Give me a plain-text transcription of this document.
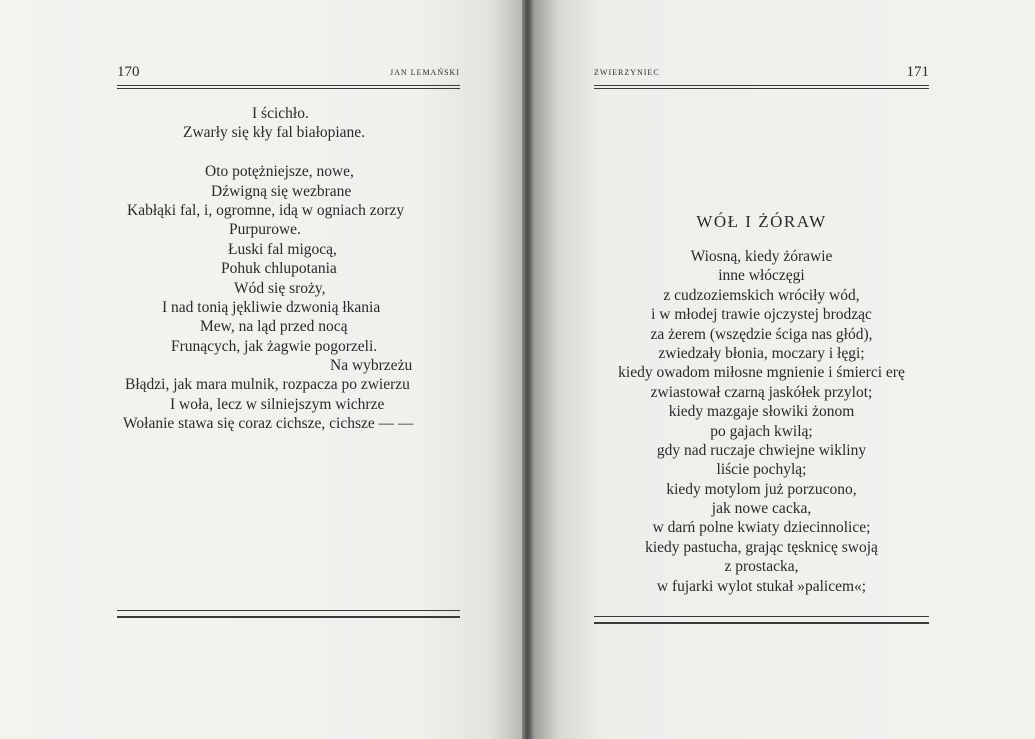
170	JAN LEMAŃSKI
I ścichło.
Zwarły się kły fal białopiane.
Oto potężniejsze, nowe,
Dźwigną się wezbrane
Kabłąki fal, i, ogromne, idą w ogniach zorzy
Purpurowe.
Łuski fal migocą,
Pohuk chlupotania
Wód się sroży,
I nad tonią jękliwie dzwonią łkania
Mew, na ląd przed nocą
Frunących, jak żagwie pogorzeli.
Na wybrzeżu
Błądzi, jak mara mulnik, rozpacza po zwierzu
I woła, lecz w silniejszym wichrze
Wołanie stawa się coraz cichsze, cichsze — —
ZWIERZYNIEC	171
WÓŁ I ŻÓRAW
Wiosną, kiedy żórawie
inne włóczęgi
z cudzoziemskich wróciły wód,
i w młodej trawie ojczystej brodząc
za żerem (wszędzie ściga nas głód),
zwiedzały błonia, moczary i łęgi;
kiedy owadom miłosne mgnienie i śmierci erę
zwiastował czarną jaskółek przylot;
kiedy mazgaje słowiki żonom
po gajach kwilą;
gdy nad ruczaje chwiejne wikliny
liście pochylą;
kiedy motylom już porzucono,
jak nowe cacka,
w darń polne kwiaty dziecinnolice;
kiedy pastucha, grając tęsknicę swoją
z prostacka,
w fujarki wylot stukał »palicem«;
